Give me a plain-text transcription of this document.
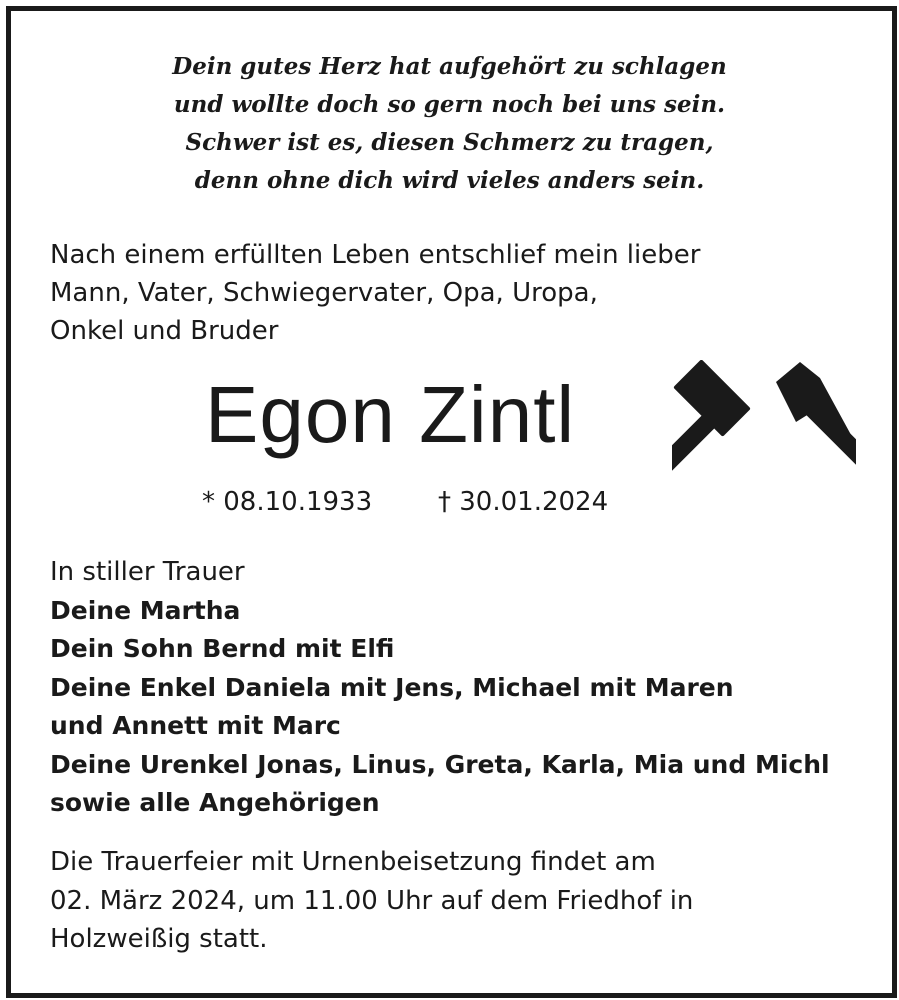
Dein gutes Herz hat aufgehört zu schlagen
und wollte doch so gern noch bei uns sein.
Schwer ist es, diesen Schmerz zu tragen,
denn ohne dich wird vieles anders sein.
Nach einem erfüllten Leben entschlief mein lieber
Mann, Vater, Schwiegervater, Opa, Uropa,
Onkel und Bruder
Egon Zintl
* 08.10.1933	† 30.01.2024
In stiller Trauer
Deine Martha
Dein Sohn Bernd mit Elfi
Deine Enkel Daniela mit Jens, Michael mit Maren
und Annett mit Marc
Deine Urenkel Jonas, Linus, Greta, Karla, Mia und Michl
sowie alle Angehörigen
Die Trauerfeier mit Urnenbeisetzung findet am
02. März 2024, um 11.00 Uhr auf dem Friedhof in
Holzweißig statt.
